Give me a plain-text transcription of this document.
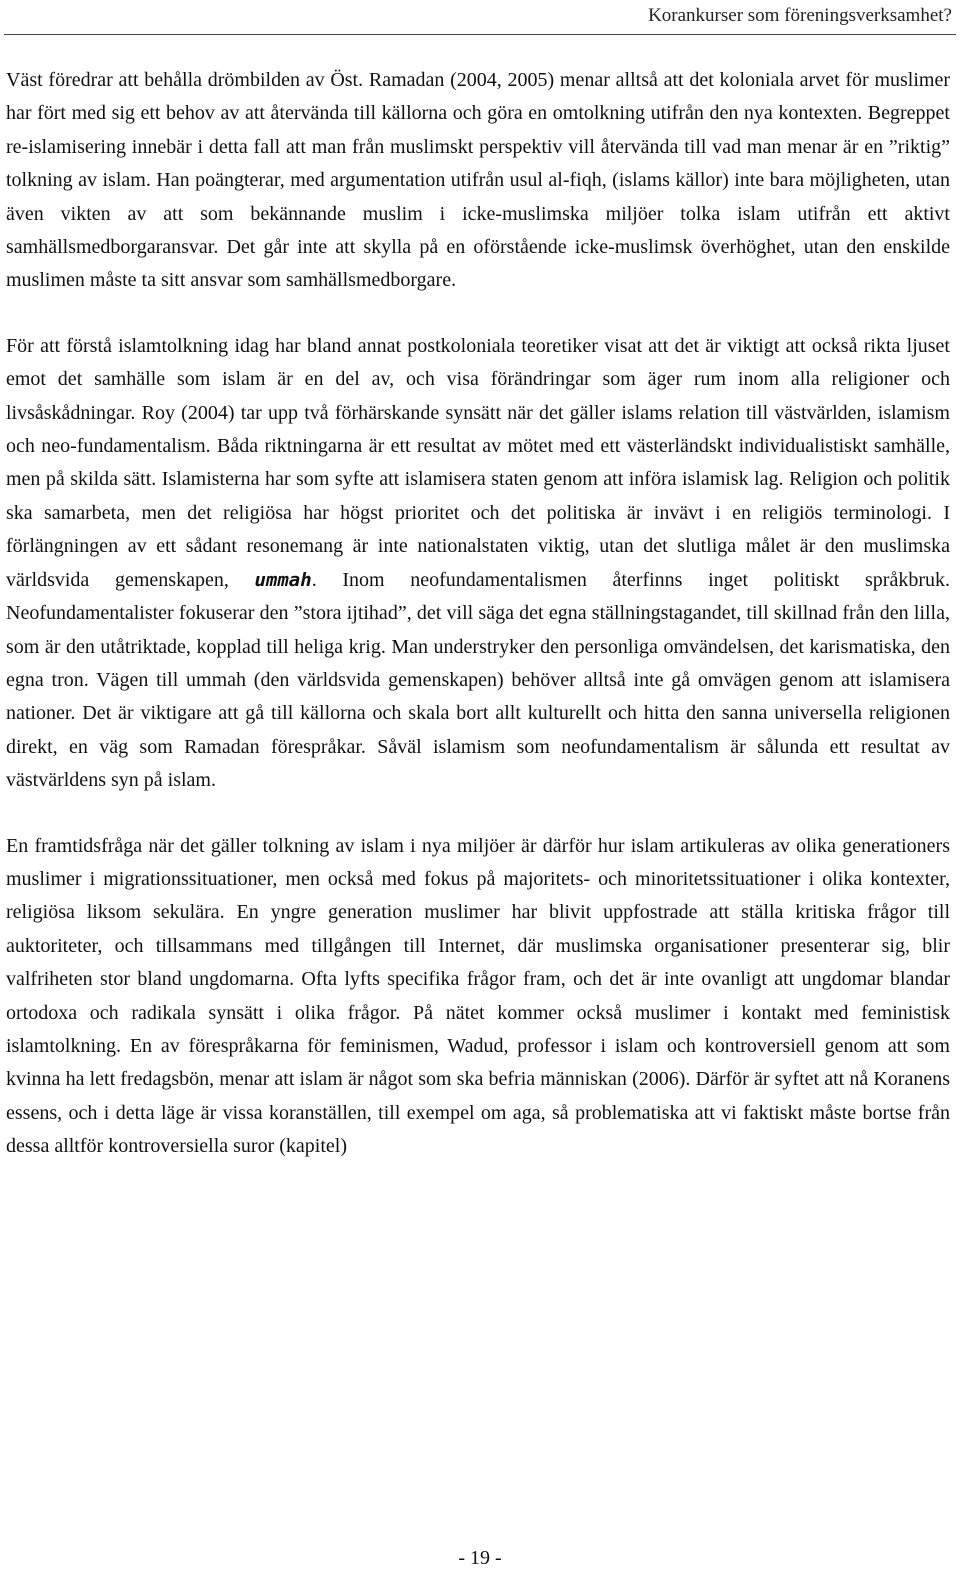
Korankurser som föreningsverksamhet?

Väst föredrar att behålla drömbilden av Öst. Ramadan (2004, 2005) menar alltså att det koloniala arvet för muslimer har fört med sig ett behov av att återvända till källorna och göra en omtolkning utifrån den nya kontexten. Begreppet re-islamisering innebär i detta fall att man från muslimskt perspektiv vill återvända till vad man menar är en ”riktig” tolkning av islam. Han poängterar, med argumentation utifrån usul al-fiqh, (islams källor) inte bara möjligheten, utan även vikten av att som bekännande muslim i icke-muslimska miljöer tolka islam utifrån ett aktivt samhällsmedborgaransvar. Det går inte att skylla på en oförstående icke-muslimsk överhöghet, utan den enskilde muslimen måste ta sitt ansvar som samhällsmedborgare.

För att förstå islamtolkning idag har bland annat postkoloniala teoretiker visat att det är viktigt att också rikta ljuset emot det samhälle som islam är en del av, och visa förändringar som äger rum inom alla religioner och livsåskådningar. Roy (2004) tar upp två förhärskande synsätt när det gäller islams relation till västvärlden, islamism och neo-fundamentalism. Båda riktningarna är ett resultat av mötet med ett västerländskt individualistiskt samhälle, men på skilda sätt. Islamisterna har som syfte att islamisera staten genom att införa islamisk lag. Religion och politik ska samarbeta, men det religiösa har högst prioritet och det politiska är invävt i en religiös terminologi. I förlängningen av ett sådant resonemang är inte nationalstaten viktig, utan det slutliga målet är den muslimska världsvida gemenskapen, ummah. Inom neofundamentalismen återfinns inget politiskt språkbruk. Neofundamentalister fokuserar den ”stora ijtihad”, det vill säga det egna ställningstagandet, till skillnad från den lilla, som är den utåtriktade, kopplad till heliga krig. Man understryker den personliga omvändelsen, det karismatiska, den egna tron. Vägen till ummah (den världsvida gemenskapen) behöver alltså inte gå omvägen genom att islamisera nationer. Det är viktigare att gå till källorna och skala bort allt kulturellt och hitta den sanna universella religionen direkt, en väg som Ramadan förespråkar. Såväl islamism som neofundamentalism är sålunda ett resultat av västvärldens syn på islam.

En framtidsfråga när det gäller tolkning av islam i nya miljöer är därför hur islam artikuleras av olika generationers muslimer i migrationssituationer, men också med fokus på majoritets- och minoritetssituationer i olika kontexter, religiösa liksom sekulära. En yngre generation muslimer har blivit uppfostrade att ställa kritiska frågor till auktoriteter, och tillsammans med tillgången till Internet, där muslimska organisationer presenterar sig, blir valfriheten stor bland ungdomarna. Ofta lyfts specifika frågor fram, och det är inte ovanligt att ungdomar blandar ortodoxa och radikala synsätt i olika frågor. På nätet kommer också muslimer i kontakt med feministisk islamtolkning. En av förespråkarna för feminismen, Wadud, professor i islam och kontroversiell genom att som kvinna ha lett fredagsbön, menar att islam är något som ska befria människan (2006). Därför är syftet att nå Koranens essens, och i detta läge är vissa koranställen, till exempel om aga, så problematiska att vi faktiskt måste bortse från dessa alltför kontroversiella suror (kapitel)

- 19 -
